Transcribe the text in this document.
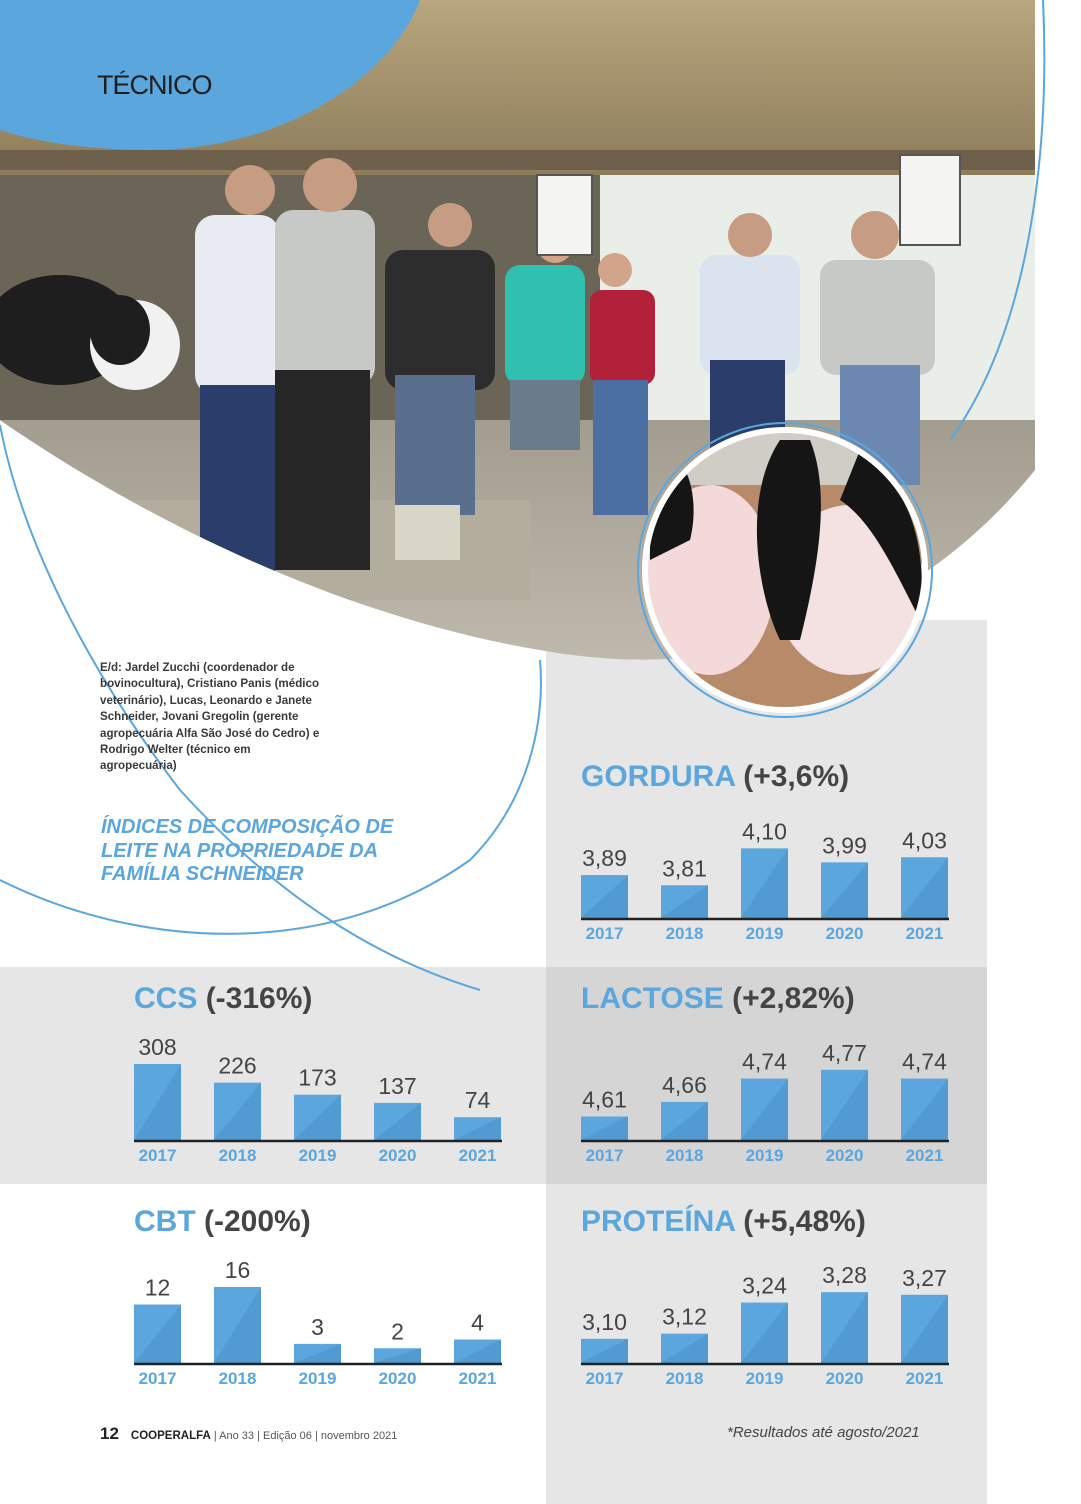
TÉCNICO
E/d: Jardel Zucchi (coordenador de bovinocultura), Cristiano Panis (médico veterinário), Lucas, Leonardo e Janete Schneider, Jovani Gregolin (gerente agropecuária Alfa São José do Cedro) e Rodrigo Welter (técnico em agropecuária)
ÍNDICES DE COMPOSIÇÃO DE LEITE NA PROPRIEDADE DA FAMÍLIA SCHNEIDER
GORDURA (+3,6%)
3,89
2017
3,81
2018
4,10
2019
3,99
2020
4,03
2021
CCS (-316%)
308
2017
226
2018
173
2019
137
2020
74
2021
LACTOSE (+2,82%)
4,61
2017
4,66
2018
4,74
2019
4,77
2020
4,74
2021
CBT (-200%)
12
2017
16
2018
3
2019
2
2020
4
2021
PROTEÍNA (+5,48%)
3,10
2017
3,12
2018
3,24
2019
3,28
2020
3,27
2021
12 COOPERALFA | Ano 33 | Edição 06 | novembro 2021	*Resultados até agosto/2021
